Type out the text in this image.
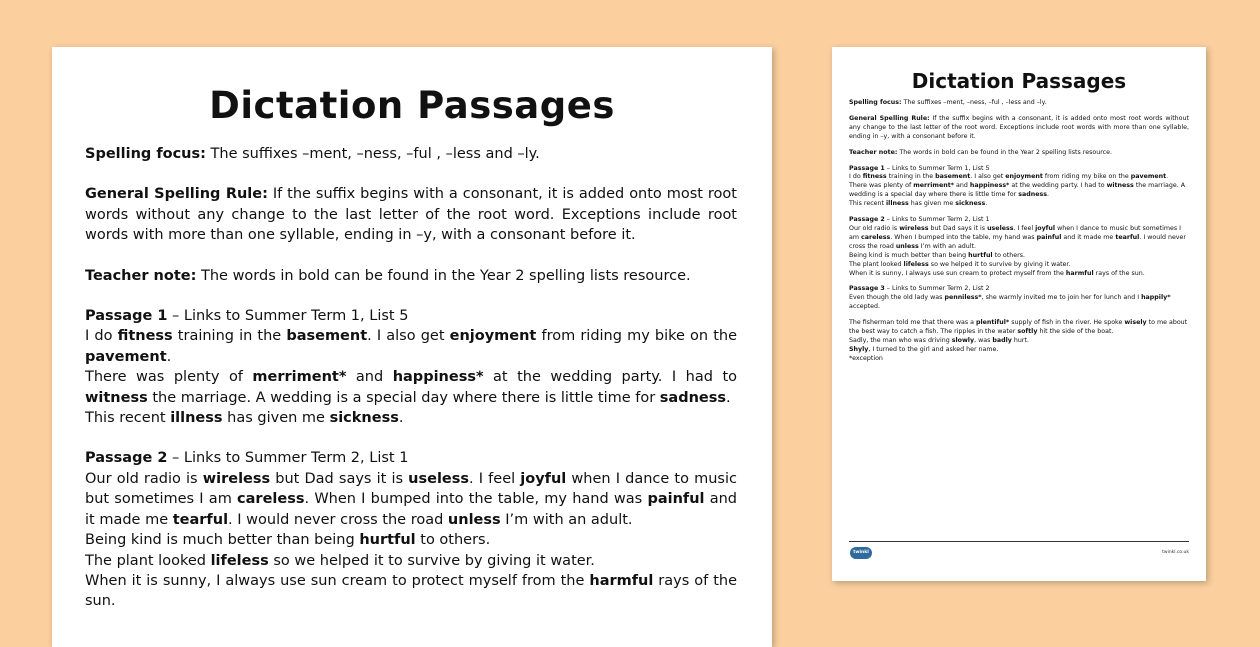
Dictation Passages

Spelling focus: The suffixes –ment, –ness, –ful , –less and –ly.

General Spelling Rule: If the suffix begins with a consonant, it is added onto most root words without any change to the last letter of the root word. Exceptions include root words with more than one syllable, ending in –y, with a consonant before it.

Teacher note: The words in bold can be found in the Year 2 spelling lists resource.

Passage 1 – Links to Summer Term 1, List 5
I do fitness training in the basement. I also get enjoyment from riding my bike on the pavement.
There was plenty of merriment* and happiness* at the wedding party. I had to witness the marriage. A wedding is a special day where there is little time for sadness.
This recent illness has given me sickness.
Passage 2 – Links to Summer Term 2, List 1
Our old radio is wireless but Dad says it is useless. I feel joyful when I dance to music but sometimes I am careless. When I bumped into the table, my hand was painful and it made me tearful. I would never cross the road unless I’m with an adult.
Being kind is much better than being hurtful to others.
The plant looked lifeless so we helped it to survive by giving it water.
When it is sunny, I always use sun cream to protect myself from the harmful rays of the sun.
Dictation Passages

Spelling focus: The suffixes –ment, –ness, –ful , –less and –ly.

General Spelling Rule: If the suffix begins with a consonant, it is added onto most root words without any change to the last letter of the root word. Exceptions include root words with more than one syllable, ending in –y, with a consonant before it.

Teacher note: The words in bold can be found in the Year 2 spelling lists resource.

Passage 1 – Links to Summer Term 1, List 5
I do fitness training in the basement. I also get enjoyment from riding my bike on the pavement.
There was plenty of merriment* and happiness* at the wedding party. I had to witness the marriage. A wedding is a special day where there is little time for sadness.
This recent illness has given me sickness.
Passage 2 – Links to Summer Term 2, List 1
Our old radio is wireless but Dad says it is useless. I feel joyful when I dance to music but sometimes I am careless. When I bumped into the table, my hand was painful and it made me tearful. I would never cross the road unless I’m with an adult.
Being kind is much better than being hurtful to others.
The plant looked lifeless so we helped it to survive by giving it water.
When it is sunny, I always use sun cream to protect myself from the harmful rays of the sun.
Passage 3 – Links to Summer Term 2, List 2
Even though the old lady was penniless*, she warmly invited me to join her for lunch and I happily* accepted.
The fisherman told me that there was a plentiful* supply of fish in the river. He spoke wisely to me about the best way to catch a fish. The ripples in the water softly hit the side of the boat.
Sadly, the man who was driving slowly, was badly hurt.
Shyly, I turned to the girl and asked her name.
*exception
twinkl	twinkl.co.uk
